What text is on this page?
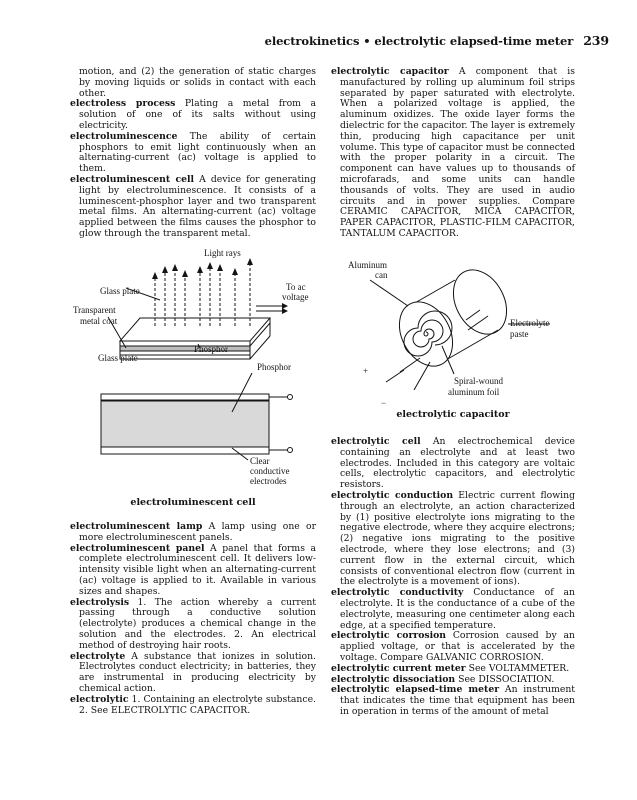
electrokinetics • electrolytic elapsed-time meter 239

motion, and (2) the generation of static charges by moving liquids or solids in contact with each other.

electroless process Plating a metal from a solution of one of its salts without using electricity.

electroluminescence The ability of certain phosphors to emit light continuously when an alternating-current (ac) voltage is applied to them.

electroluminescent cell A device for generating light by electroluminescence. It consists of a luminescent-phosphor layer and two transparent metal films. An alternating-current (ac) voltage applied between the films causes the phosphor to glow through the transparent metal.

Light rays
Glass plate	To ac
voltage
Transparent
metal coat
Phosphor
Glass plate
Phosphor
Clear
conductive
electrodes
electroluminescent cell

electroluminescent lamp A lamp using one or more electroluminescent panels.

electroluminescent panel A panel that forms a complete electroluminescent cell. It delivers low-intensity visible light when an alternating-current (ac) voltage is applied to it. Available in various sizes and shapes.

electrolysis 1. The action whereby a current passing through a conductive solution (electrolyte) produces a chemical change in the solution and the electrodes. 2. An electrical method of destroying hair roots.

electrolyte A substance that ionizes in solution. Electrolytes conduct electricity; in batteries, they are instrumental in producing electricity by chemical action.

electrolytic 1. Containing an electrolyte substance. 2. See ELECTROLYTIC CAPACITOR.

electrolytic capacitor A component that is manufactured by rolling up aluminum foil strips separated by paper saturated with electrolyte. When a polarized voltage is applied, the aluminum oxidizes. The oxide layer forms the dielectric for the capacitor. The layer is extremely thin, producing high capacitance per unit volume. This type of capacitor must be connected with the proper polarity in a circuit. The component can have values up to thousands of microfarads, and some units can handle thousands of volts. They are used in audio circuits and in power supplies. Compare CERAMIC CAPACITOR, MICA CAPACITOR, PAPER CAPACITOR, PLASTIC-FILM CAPACITOR, TANTALUM CAPACITOR.

Aluminum
can
Electrolyte
paste
+
Spiral-wound
aluminum foil
−
electrolytic capacitor

electrolytic cell An electrochemical device containing an electrolyte and at least two electrodes. Included in this category are voltaic cells, electrolytic capacitors, and electrolytic resistors.

electrolytic conduction Electric current flowing through an electrolyte, an action characterized by (1) positive electrolyte ions migrating to the negative electrode, where they acquire electrons; (2) negative ions migrating to the positive electrode, where they lose electrons; and (3) current flow in the external circuit, which consists of conventional electron flow (current in the electrolyte is a movement of ions).

electrolytic conductivity Conductance of an electrolyte. It is the conductance of a cube of the electrolyte, measuring one centimeter along each edge, at a specified temperature.

electrolytic corrosion Corrosion caused by an applied voltage, or that is accelerated by the voltage. Compare GALVANIC CORROSION.

electrolytic current meter See VOLTAMMETER.

electrolytic dissociation See DISSOCIATION.

electrolytic elapsed-time meter An instrument that indicates the time that equipment has been in operation in terms of the amount of metal
